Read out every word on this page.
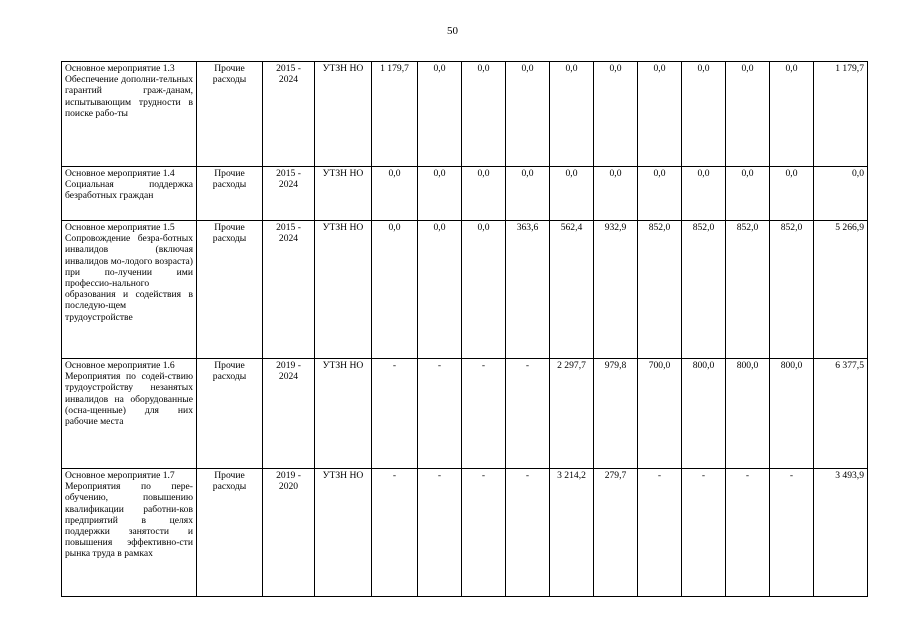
50
Основное мероприятие 1.3
Обеспечение дополни-тельных гарантий граж-данам, испытывающим трудности в поиске рабо-ты	Прочие расходы	2015 - 2024	УТЗН НО	1 179,7	0,0	0,0	0,0	0,0	0,0	0,0	0,0	0,0	0,0	1 179,7

Основное мероприятие 1.4
Социальная поддержка безработных граждан	Прочие расходы	2015 - 2024	УТЗН НО	0,0	0,0	0,0	0,0	0,0	0,0	0,0	0,0	0,0	0,0	0,0

Основное мероприятие 1.5
Сопровождение безра-ботных инвалидов (включая инвалидов мо-лодого возраста) при по-лучении ими профессио-нального образования и содействия в последую-щем трудоустройстве	Прочие расходы	2015 - 2024	УТЗН НО	0,0	0,0	0,0	363,6	562,4	932,9	852,0	852,0	852,0	852,0	5 266,9

Основное мероприятие 1.6
Мероприятия по содей-ствию трудоустройству незанятых инвалидов на оборудованные (осна-щенные) для них рабочие места	Прочие расходы	2019 - 2024	УТЗН НО	-	-	-	-	2 297,7	979,8	700,0	800,0	800,0	800,0	6 377,5

Основное мероприятие 1.7
Мероприятия по пере-обучению, повышению квалификации работни-ков предприятий в целях поддержки занятости и повышения эффективно-сти рынка труда в рамках	Прочие расходы	2019 - 2020	УТЗН НО	-	-	-	-	3 214,2	279,7	-	-	-	-	3 493,9
